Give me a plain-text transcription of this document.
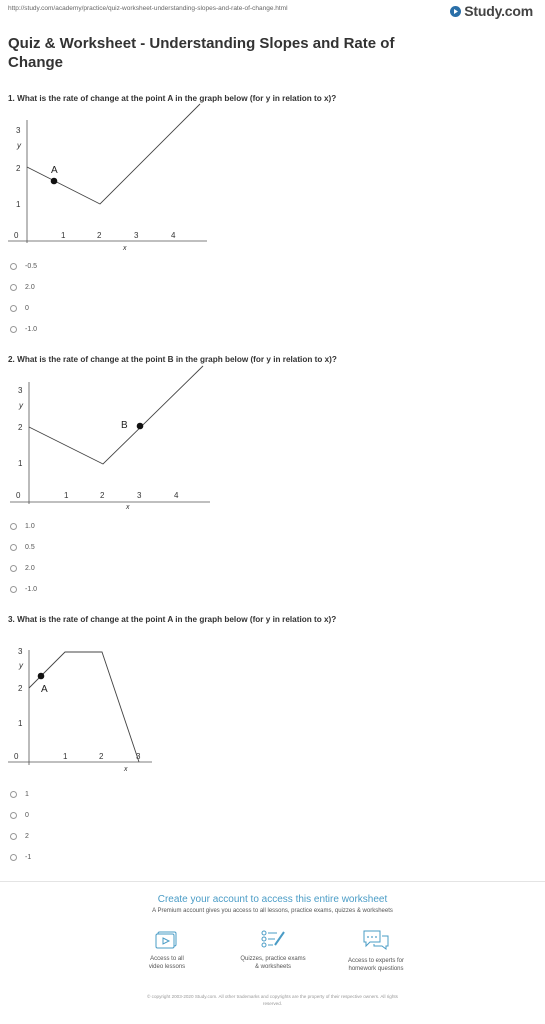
http://study.com/academy/practice/quiz-worksheet-understanding-slopes-and-rate-of-change.html	Study.com
Quiz & Worksheet - Understanding Slopes and Rate of Change
1. What is the rate of change at the point A in the graph below (for y in relation to x)?
3
y
2
1
0	1	2	3	4
x
A
-0.5
2.0
0
-1.0
2. What is the rate of change at the point B in the graph below (for y in relation to x)?
3
y
2
1
0	1	2	3	4
x
B
1.0
0.5
2.0
-1.0
3. What is the rate of change at the point A in the graph below (for y in relation to x)?
3
y
2
1
0	1	2	3
x
A
1
0
2
-1
Create your account to access this entire worksheet
A Premium account gives you access to all lessons, practice exams, quizzes & worksheets
Access to all
video lessons
Quizzes, practice exams
& worksheets
Access to experts for
homework questions
© copyright 2003-2020 Study.com. All other trademarks and copyrights are the property of their respective owners. All rights
reserved.
